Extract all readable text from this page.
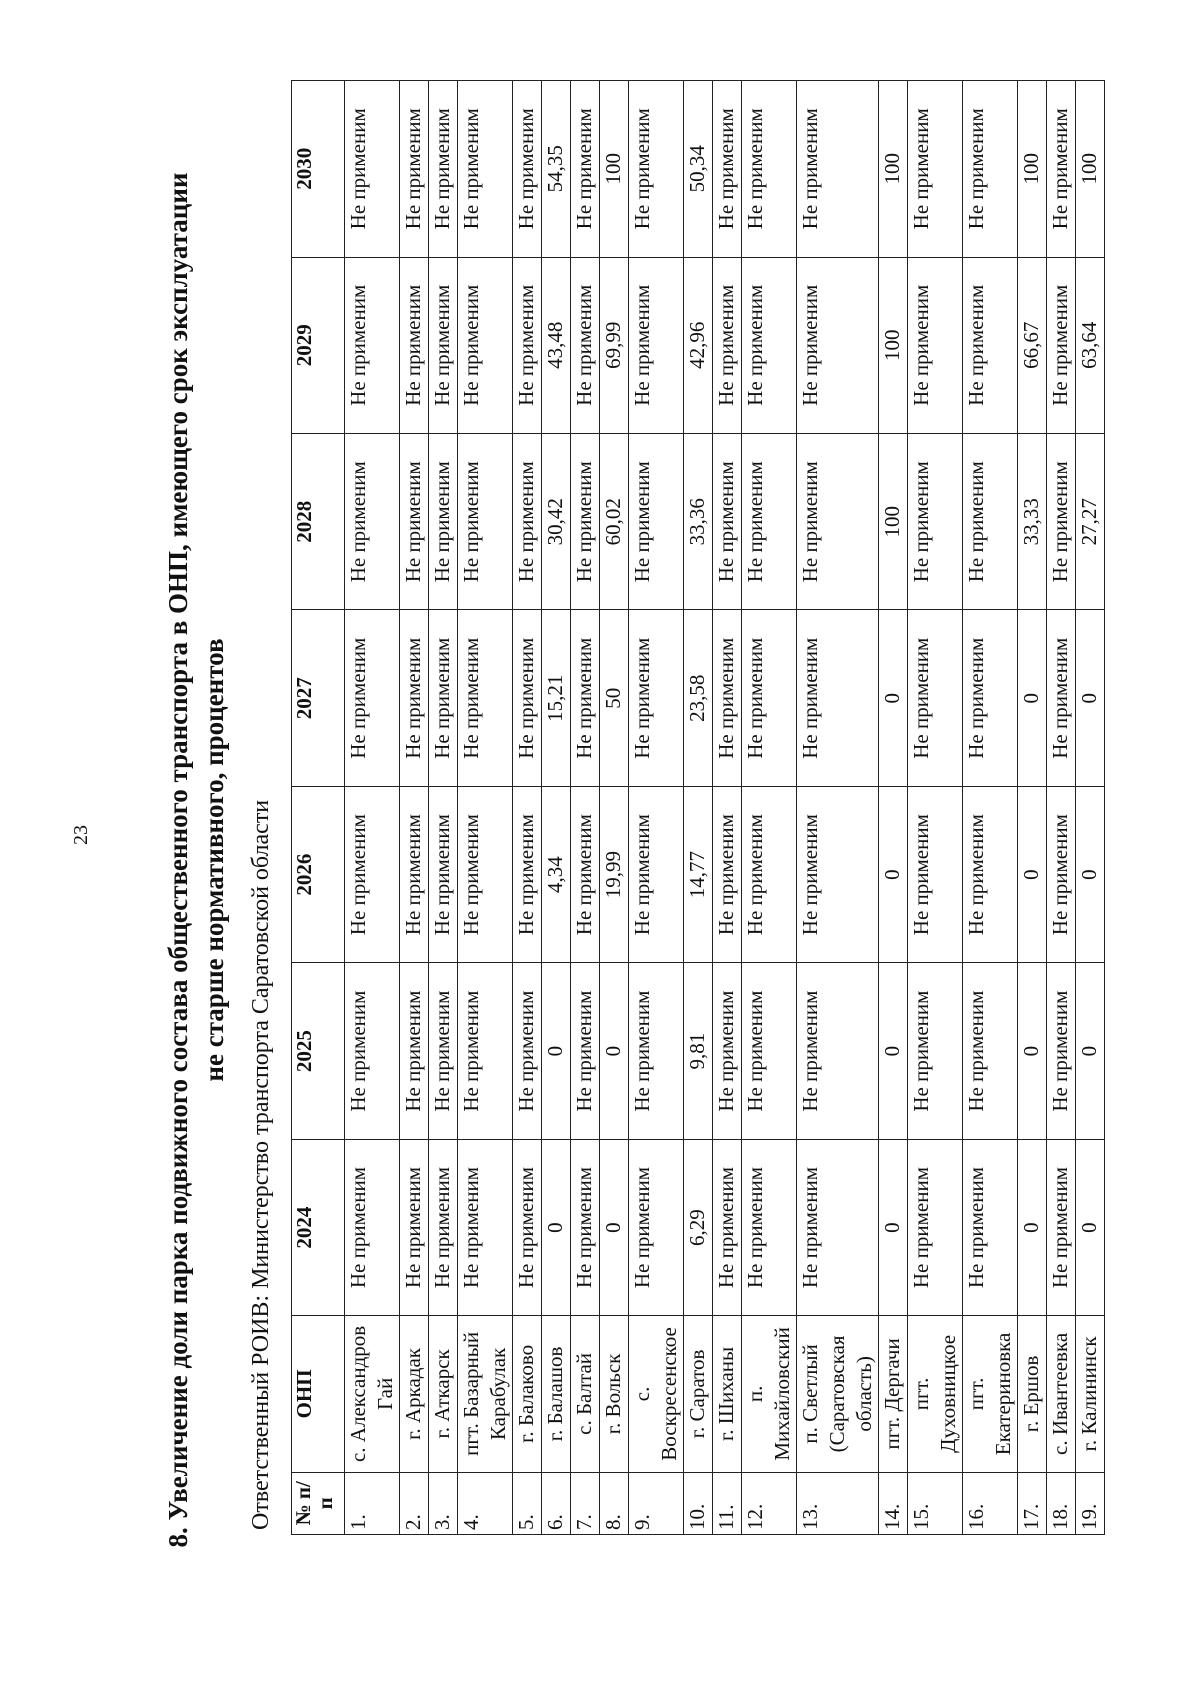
23	8. Увеличение доли парка подвижного состава общественного транспорта в ОНП, имеющего срок эксплуатации не старше нормативного, процентов Ответственный РОИВ: Министерство транспорта Саратовской области № п/п	ОНП	2024	2025	2026	2027	2028	2029	2030
1.	с. Александров Гай	Не применим	Не применим	Не применим	Не применим	Не применим	Не применим	Не применим
2.	г. Аркадак	Не применим	Не применим	Не применим	Не применим	Не применим	Не применим	Не применим
3.	г. Аткарск	Не применим	Не применим	Не применим	Не применим	Не применим	Не применим	Не применим
4.	пгт. Базарный Карабулак	Не применим	Не применим	Не применим	Не применим	Не применим	Не применим	Не применим
5.	г. Балаково	Не применим	Не применим	Не применим	Не применим	Не применим	Не применим	Не применим
6.	г. Балашов	0	0	4,34	15,21	30,42	43,48	54,35
7.	с. Балтай	Не применим	Не применим	Не применим	Не применим	Не применим	Не применим	Не применим
8.	г. Вольск	0	0	19,99	50	60,02	69,99	100
9.	с. Воскресенское	Не применим	Не применим	Не применим	Не применим	Не применим	Не применим	Не применим
10.	г. Саратов	6,29	9,81	14,77	23,58	33,36	42,96	50,34
11.	г. Шиханы	Не применим	Не применим	Не применим	Не применим	Не применим	Не применим	Не применим
12.	п. Михайловский	Не применим	Не применим	Не применим	Не применим	Не применим	Не применим	Не применим
13.	п. Светлый (Саратовская область)	Не применим	Не применим	Не применим	Не применим	Не применим	Не применим	Не применим
14.	пгт. Дергачи	0	0	0	0	100	100	100
15.	пгт. Духовницкое	Не применим	Не применим	Не применим	Не применим	Не применим	Не применим	Не применим
16.	пгт. Екатериновка	Не применим	Не применим	Не применим	Не применим	Не применим	Не применим	Не применим
17.	г. Ершов	0	0	0	0	33,33	66,67	100
18.	с. Ивантеевка	Не применим	Не применим	Не применим	Не применим	Не применим	Не применим	Не применим
19.	г. Калининск	0	0	0	0	27,27	63,64	100
